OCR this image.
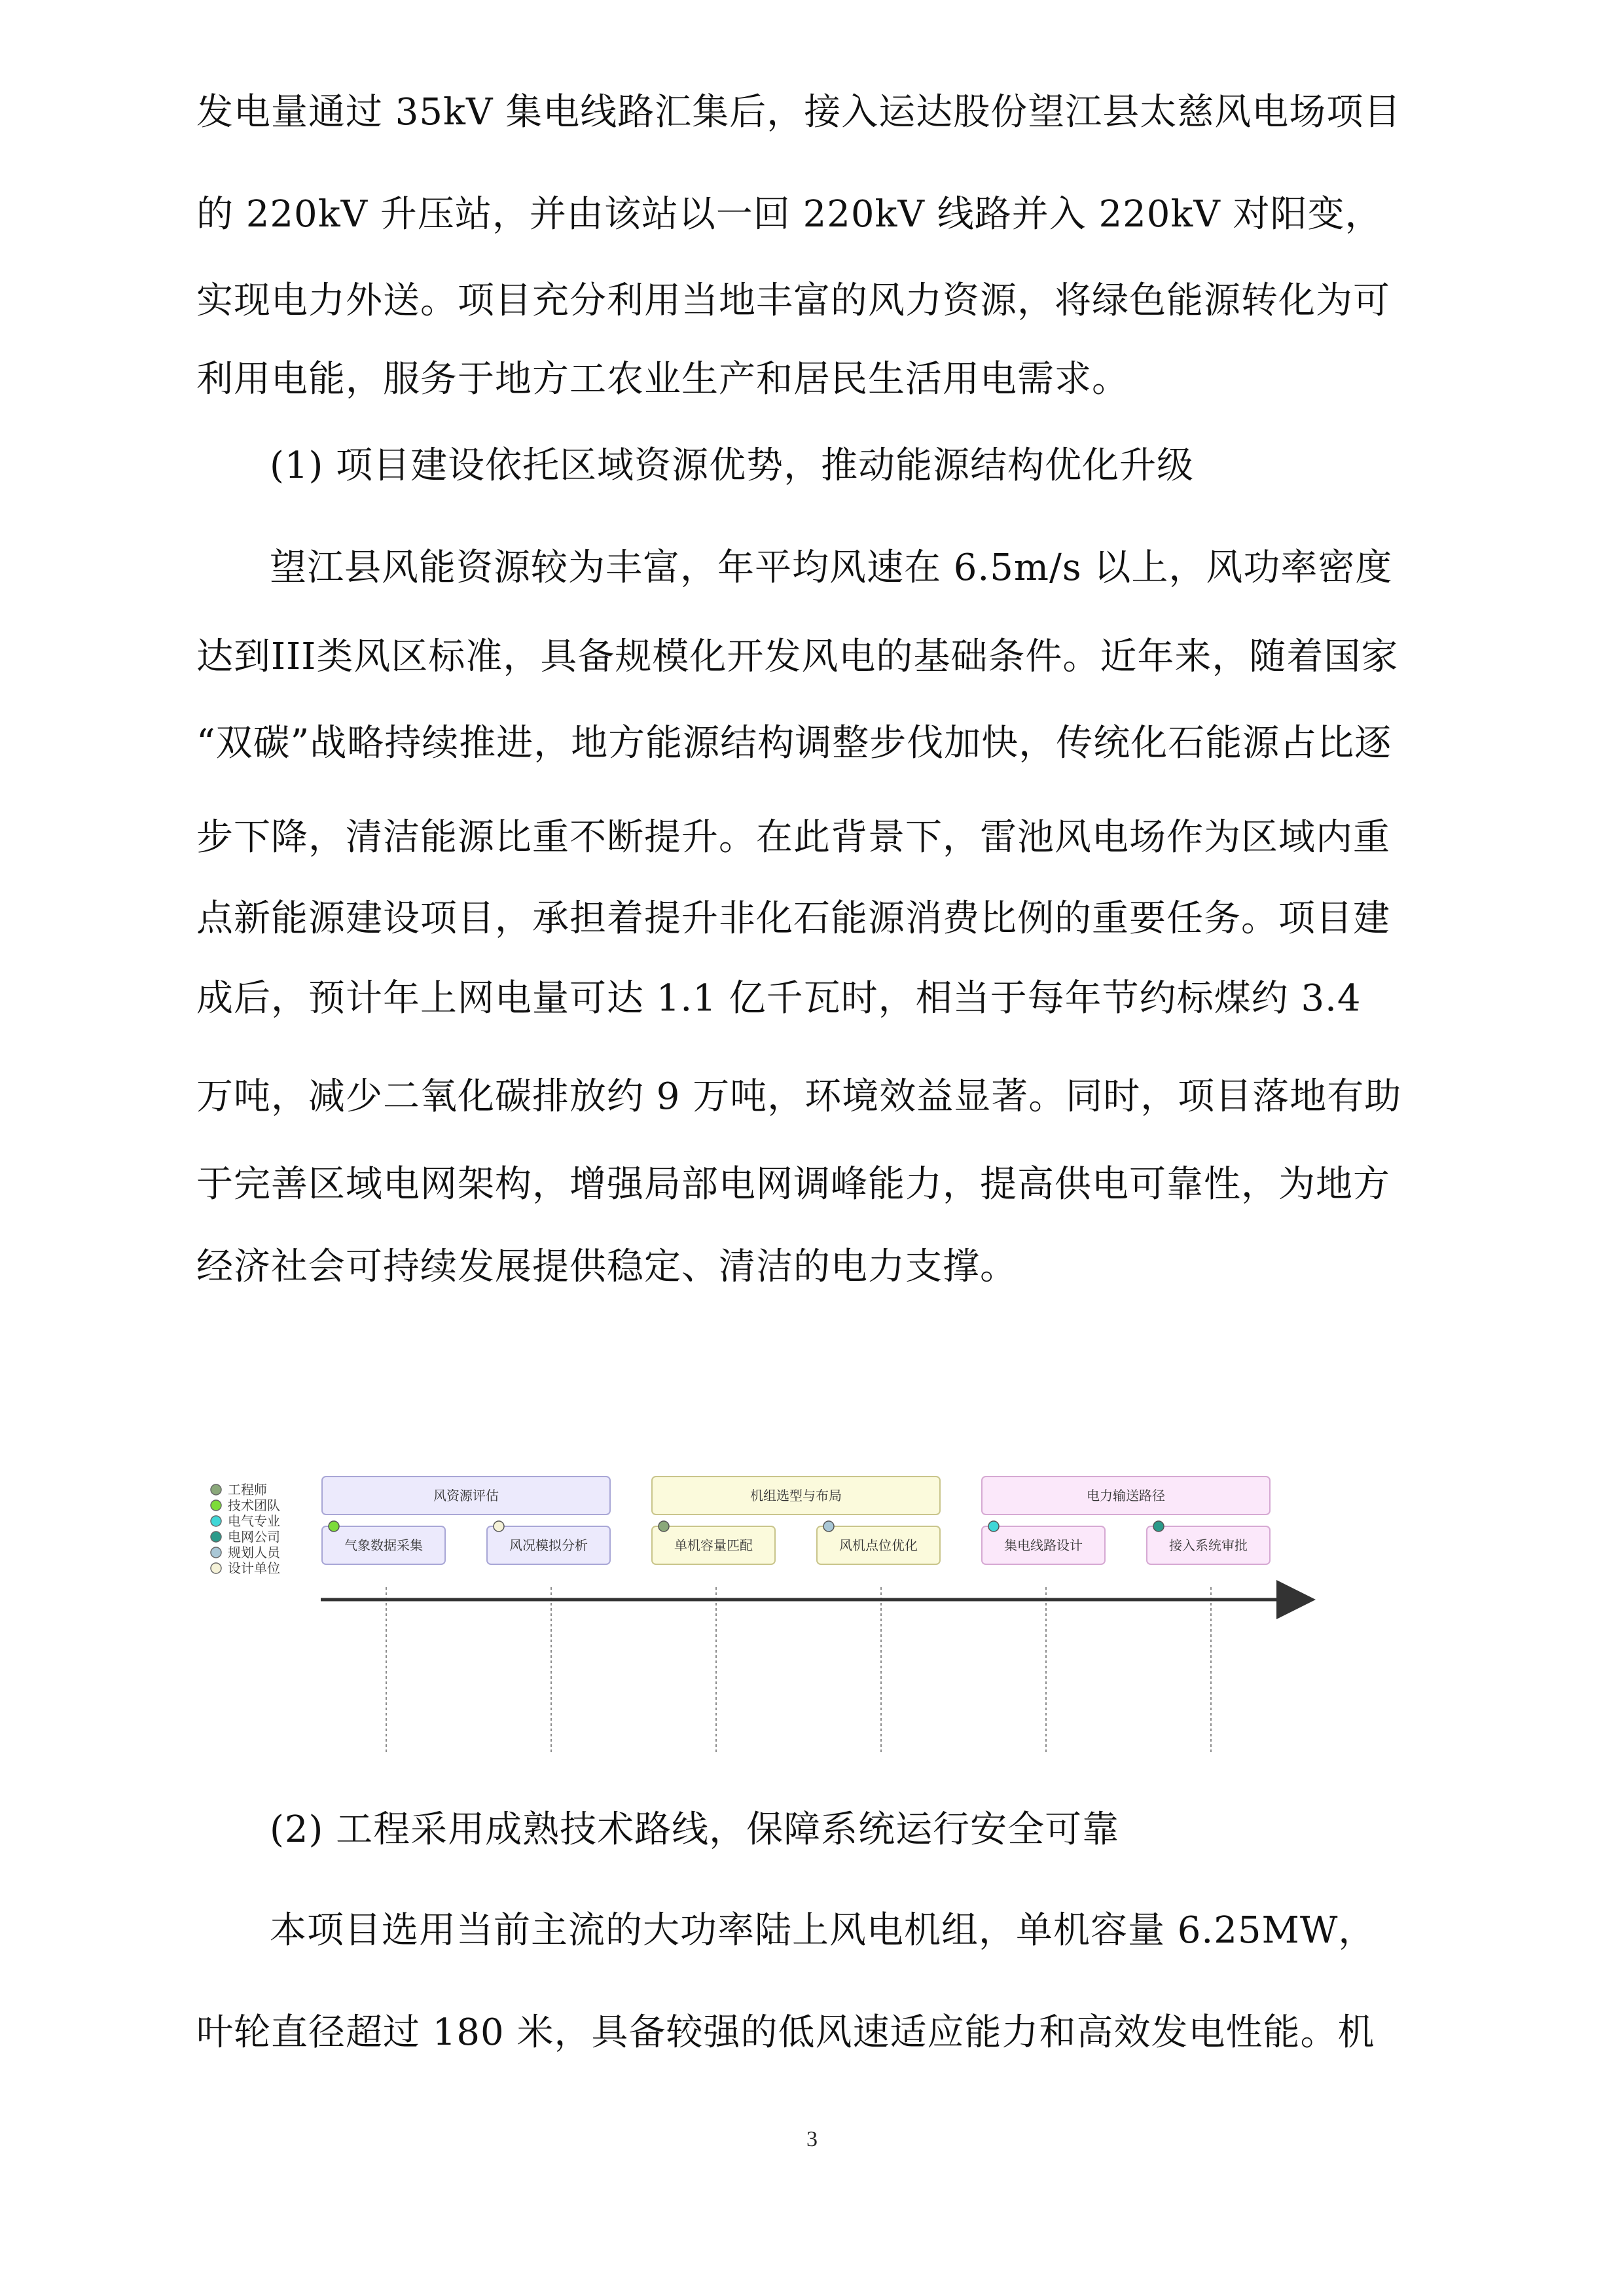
发电量通过 35kV 集电线路汇集后，接入运达股份望江县太慈风电场项目
的 220kV 升压站，并由该站以一回 220kV 线路并入 220kV 对阳变，
实现电力外送。项目充分利用当地丰富的风力资源，将绿色能源转化为可
利用电能，服务于地方工农业生产和居民生活用电需求。
(1) 项目建设依托区域资源优势，推动能源结构优化升级
望江县风能资源较为丰富，年平均风速在 6.5m/s 以上，风功率密度
达到III类风区标准，具备规模化开发风电的基础条件。近年来，随着国家
“双碳”战略持续推进，地方能源结构调整步伐加快，传统化石能源占比逐
步下降，清洁能源比重不断提升。在此背景下，雷池风电场作为区域内重
点新能源建设项目，承担着提升非化石能源消费比例的重要任务。项目建
成后，预计年上网电量可达 1.1 亿千瓦时，相当于每年节约标煤约 3.4
万吨，减少二氧化碳排放约 9 万吨，环境效益显著。同时，项目落地有助
于完善区域电网架构，增强局部电网调峰能力，提高供电可靠性，为地方
经济社会可持续发展提供稳定、清洁的电力支撑。
工程师
技术团队
电气专业
电网公司
规划人员
设计单位
风资源评估	机组选型与布局	电力输送路径
气象数据采集	风况模拟分析	单机容量匹配	风机点位优化	集电线路设计	接入系统审批
(2) 工程采用成熟技术路线，保障系统运行安全可靠
本项目选用当前主流的大功率陆上风电机组，单机容量 6.25MW，
叶轮直径超过 180 米，具备较强的低风速适应能力和高效发电性能。机
3
